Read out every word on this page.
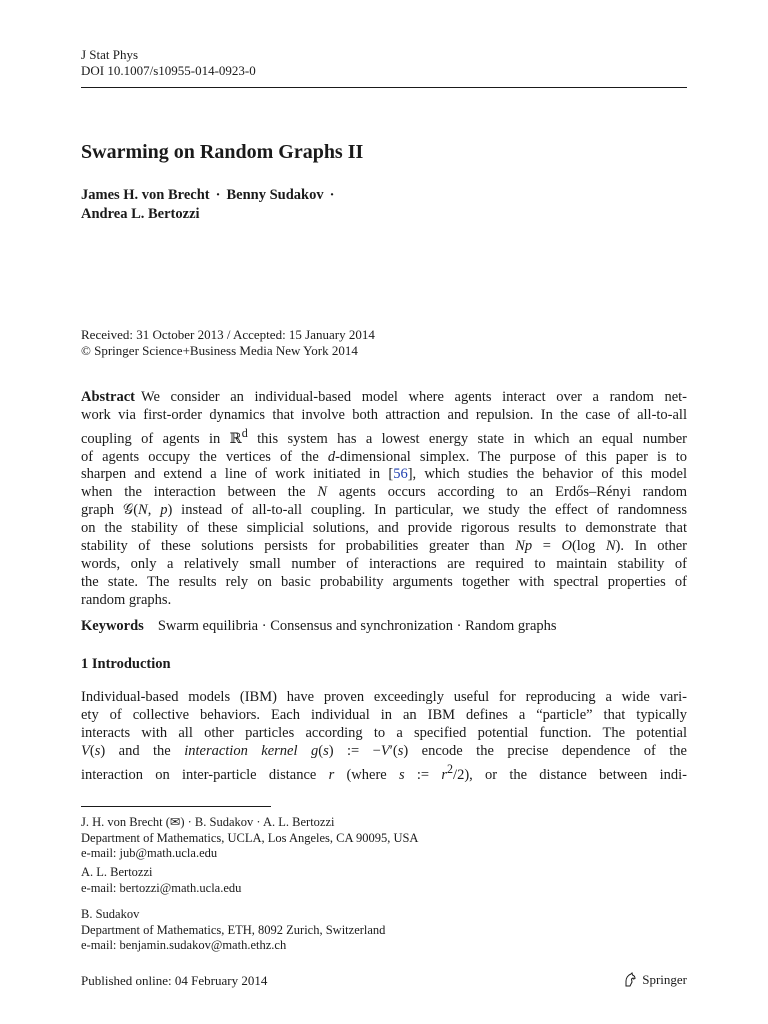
J Stat Phys
DOI 10.1007/s10955-014-0923-0
Swarming on Random Graphs II
James H. von Brecht · Benny Sudakov ·
Andrea L. Bertozzi
Received: 31 October 2013 / Accepted: 15 January 2014
© Springer Science+Business Media New York 2014
Abstract We consider an individual-based model where agents interact over a random net-
work via first-order dynamics that involve both attraction and repulsion. In the case of all-to-all
coupling of agents in ℝ$^d$ this system has a lowest energy state in which an equal number
of agents occupy the vertices of the d-dimensional simplex. The purpose of this paper is to
sharpen and extend a line of work initiated in [56], which studies the behavior of this model
when the interaction between the N agents occurs according to an Erdős–Rényi random
graph 𝒢(N, p) instead of all-to-all coupling. In particular, we study the effect of randomness
on the stability of these simplicial solutions, and provide rigorous results to demonstrate that
stability of these solutions persists for probabilities greater than Np = O(log N). In other
words, only a relatively small number of interactions are required to maintain stability of
the state. The results rely on basic probability arguments together with spectral properties of
random graphs.
Keywords Swarm equilibria · Consensus and synchronization · Random graphs
1 Introduction
Individual-based models (IBM) have proven exceedingly useful for reproducing a wide vari-
ety of collective behaviors. Each individual in an IBM defines a “particle” that typically
interacts with all other particles according to a specified potential function. The potential
V(s) and the interaction kernel g(s) := −V′(s) encode the precise dependence of the
interaction on inter-particle distance r (where s := $r^2/2$), or the distance between indi-
J. H. von Brecht (✉) · B. Sudakov · A. L. Bertozzi
Department of Mathematics, UCLA, Los Angeles, CA 90095, USA
e-mail: jub@math.ucla.edu
A. L. Bertozzi
e-mail: bertozzi@math.ucla.edu
B. Sudakov
Department of Mathematics, ETH, 8092 Zurich, Switzerland
e-mail: benjamin.sudakov@math.ethz.ch
Published online: 04 February 2014	Springer
